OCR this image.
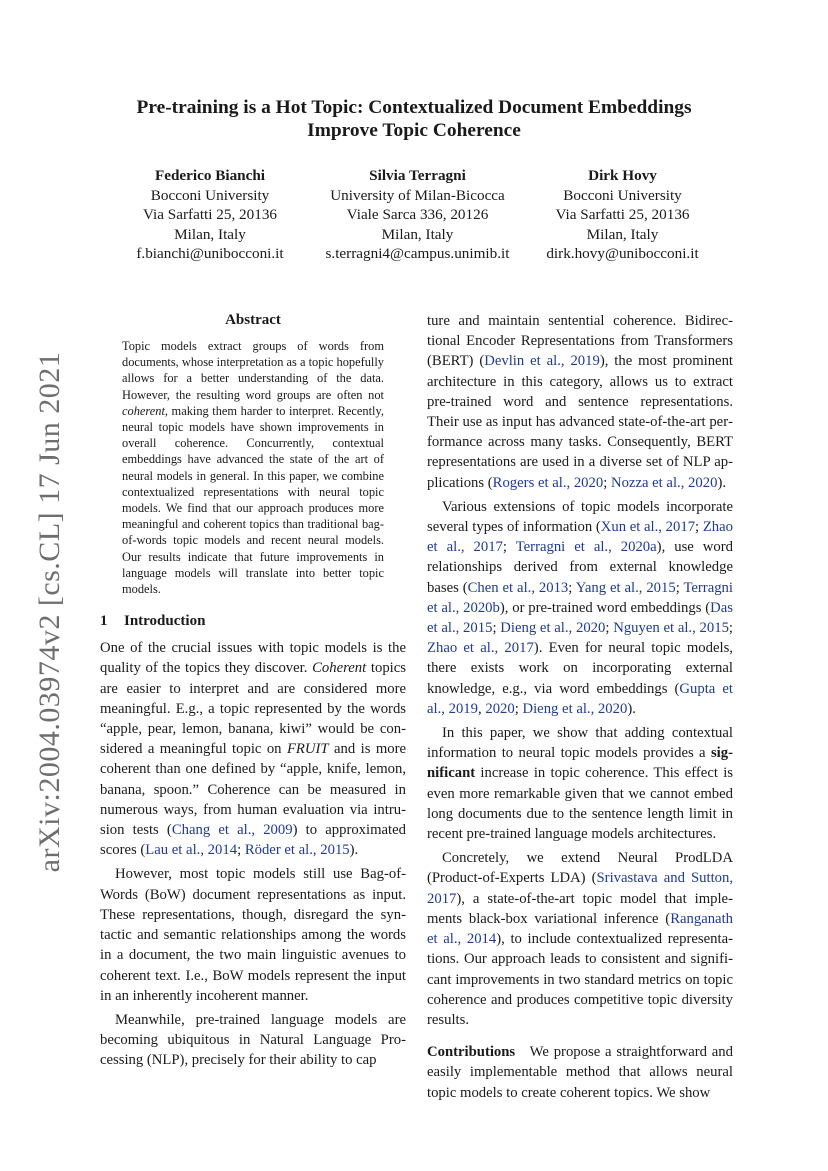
arXiv:2004.03974v2 [cs.CL] 17 Jun 2021
Pre-training is a Hot Topic: Contextualized Document Embeddings
Improve Topic Coherence
Federico Bianchi
Bocconi University
Via Sarfatti 25, 20136
Milan, Italy
f.bianchi@unibocconi.it
Silvia Terragni
University of Milan-Bicocca
Viale Sarca 336, 20126
Milan, Italy
s.terragni4@campus.unimib.it
Dirk Hovy
Bocconi University
Via Sarfatti 25, 20136
Milan, Italy
dirk.hovy@unibocconi.it
Abstract

Topic models extract groups of words from documents, whose interpretation as a topic hopefully allows for a better understanding of the data. However, the resulting word groups are often not coherent, making them harder to interpret. Recently, neural topic models have shown improvements in overall coherence. Concurrently, contextual embeddings have advanced the state of the art of neural models in general. In this paper, we combine contextualized representations with neural topic models. We find that our approach produces more meaningful and coherent topics than traditional bag-of-words topic models and recent neural models. Our results indicate that future improvements in language models will translate into better topic models.

1 Introduction

One of the crucial issues with topic models is the quality of the topics they discover. Coherent topics are easier to interpret and are considered more meaningful. E.g., a topic represented by the words “apple, pear, lemon, banana, kiwi” would be considered a meaningful topic on FRUIT and is more coherent than one defined by “apple, knife, lemon, banana, spoon.” Coherence can be measured in numerous ways, from human evaluation via intrusion tests (Chang et al., 2009) to approximated scores (Lau et al., 2014; Röder et al., 2015).

However, most topic models still use Bag-of-Words (BoW) document representations as input. These representations, though, disregard the syntactic and semantic relationships among the words in a document, the two main linguistic avenues to coherent text. I.e., BoW models represent the input in an inherently incoherent manner.

Meanwhile, pre-trained language models are becoming ubiquitous in Natural Language Processing (NLP), precisely for their ability to cap

ture and maintain sentential coherence. Bidirectional Encoder Representations from Transformers (BERT) (Devlin et al., 2019), the most prominent architecture in this category, allows us to extract pre-trained word and sentence representations. Their use as input has advanced state-of-the-art performance across many tasks. Consequently, BERT representations are used in a diverse set of NLP applications (Rogers et al., 2020; Nozza et al., 2020).

Various extensions of topic models incorporate several types of information (Xun et al., 2017; Zhao et al., 2017; Terragni et al., 2020a), use word relationships derived from external knowledge bases (Chen et al., 2013; Yang et al., 2015; Terragni et al., 2020b), or pre-trained word embeddings (Das et al., 2015; Dieng et al., 2020; Nguyen et al., 2015; Zhao et al., 2017). Even for neural topic models, there exists work on incorporating external knowledge, e.g., via word embeddings (Gupta et al., 2019, 2020; Dieng et al., 2020).

In this paper, we show that adding contextual information to neural topic models provides a significant increase in topic coherence. This effect is even more remarkable given that we cannot embed long documents due to the sentence length limit in recent pre-trained language models architectures.

Concretely, we extend Neural ProdLDA (Product-of-Experts LDA) (Srivastava and Sutton, 2017), a state-of-the-art topic model that implements black-box variational inference (Ranganath et al., 2014), to include contextualized representations. Our approach leads to consistent and significant improvements in two standard metrics on topic coherence and produces competitive topic diversity results.

Contributions We propose a straightforward and easily implementable method that allows neural topic models to create coherent topics. We show
